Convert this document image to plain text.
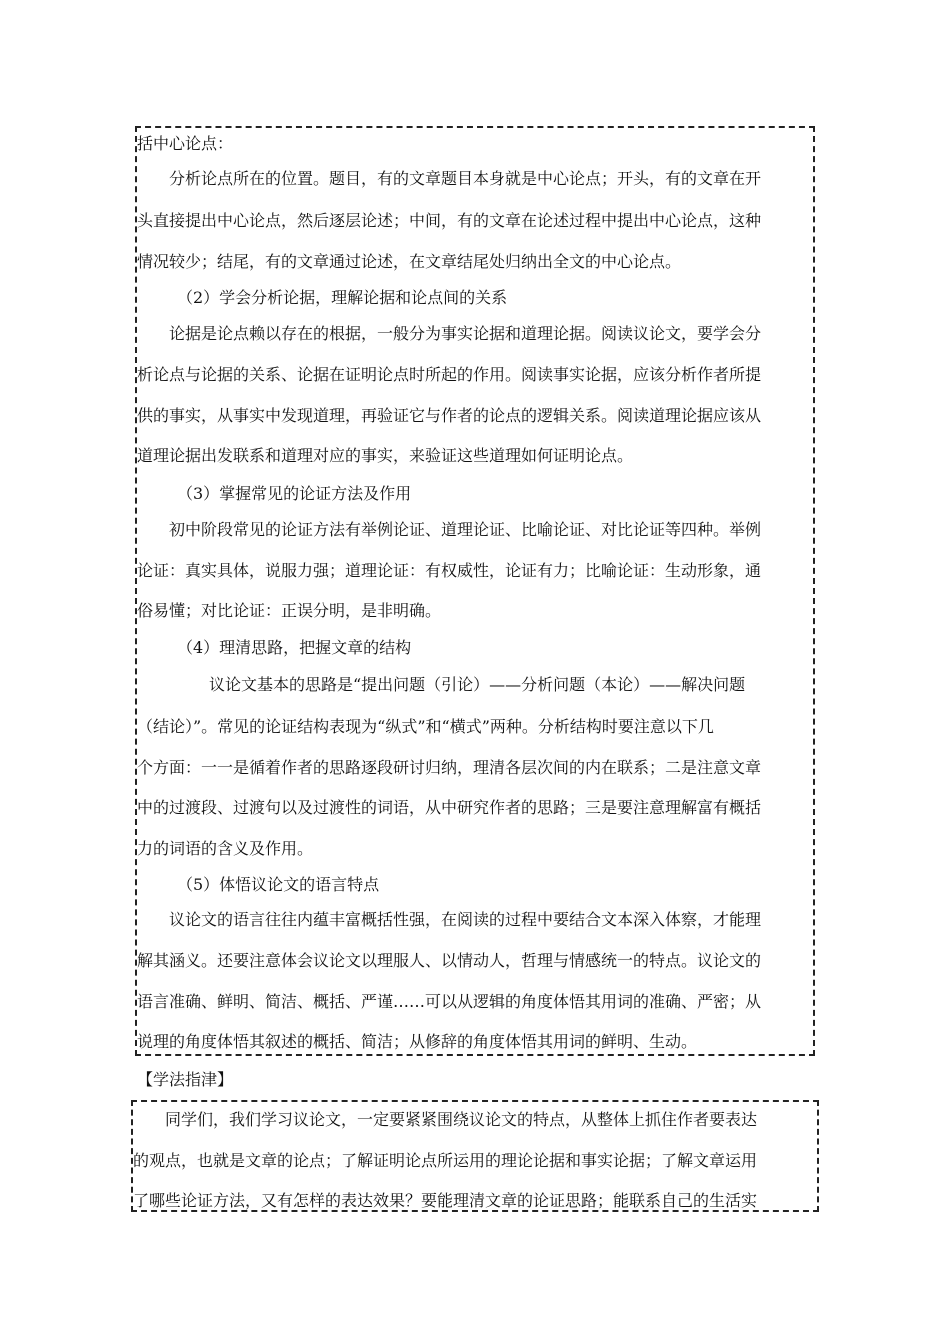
括中心论点：

分析论点所在的位置。题目，有的文章题目本身就是中心论点；开头，有的文章在开

头直接提出中心论点，然后逐层论述；中间，有的文章在论述过程中提出中心论点，这种

情况较少；结尾，有的文章通过论述，在文章结尾处归纳出全文的中心论点。

（2）学会分析论据，理解论据和论点间的关系

论据是论点赖以存在的根据，一般分为事实论据和道理论据。阅读议论文，要学会分

析论点与论据的关系、论据在证明论点时所起的作用。阅读事实论据，应该分析作者所提

供的事实，从事实中发现道理，再验证它与作者的论点的逻辑关系。阅读道理论据应该从

道理论据出发联系和道理对应的事实，来验证这些道理如何证明论点。

（3）掌握常见的论证方法及作用

初中阶段常见的论证方法有举例论证、道理论证、比喻论证、对比论证等四种。举例

论证：真实具体，说服力强；道理论证：有权威性，论证有力；比喻论证：生动形象，通

俗易懂；对比论证：正误分明，是非明确。

（4）理清思路，把握文章的结构

议论文基本的思路是“提出问题（引论）——分析问题（本论）——解决问题

（结论）”。常见的论证结构表现为“纵式”和“横式”两种。分析结构时要注意以下几

个方面：一一是循着作者的思路逐段研讨归纳，理清各层次间的内在联系；二是注意文章

中的过渡段、过渡句以及过渡性的词语，从中研究作者的思路；三是要注意理解富有概括

力的词语的含义及作用。

（5）体悟议论文的语言特点

议论文的语言往往内蕴丰富概括性强，在阅读的过程中要结合文本深入体察，才能理

解其涵义。还要注意体会议论文以理服人、以情动人，哲理与情感统一的特点。议论文的

语言准确、鲜明、简洁、概括、严谨……可以从逻辑的角度体悟其用词的准确、严密；从

说理的角度体悟其叙述的概括、简洁；从修辞的角度体悟其用词的鲜明、生动。

【学法指津】

同学们，我们学习议论文，一定要紧紧围绕议论文的特点，从整体上抓住作者要表达

的观点，也就是文章的论点；了解证明论点所运用的理论论据和事实论据；了解文章运用

了哪些论证方法，又有怎样的表达效果？要能理清文章的论证思路；能联系自己的生活实
